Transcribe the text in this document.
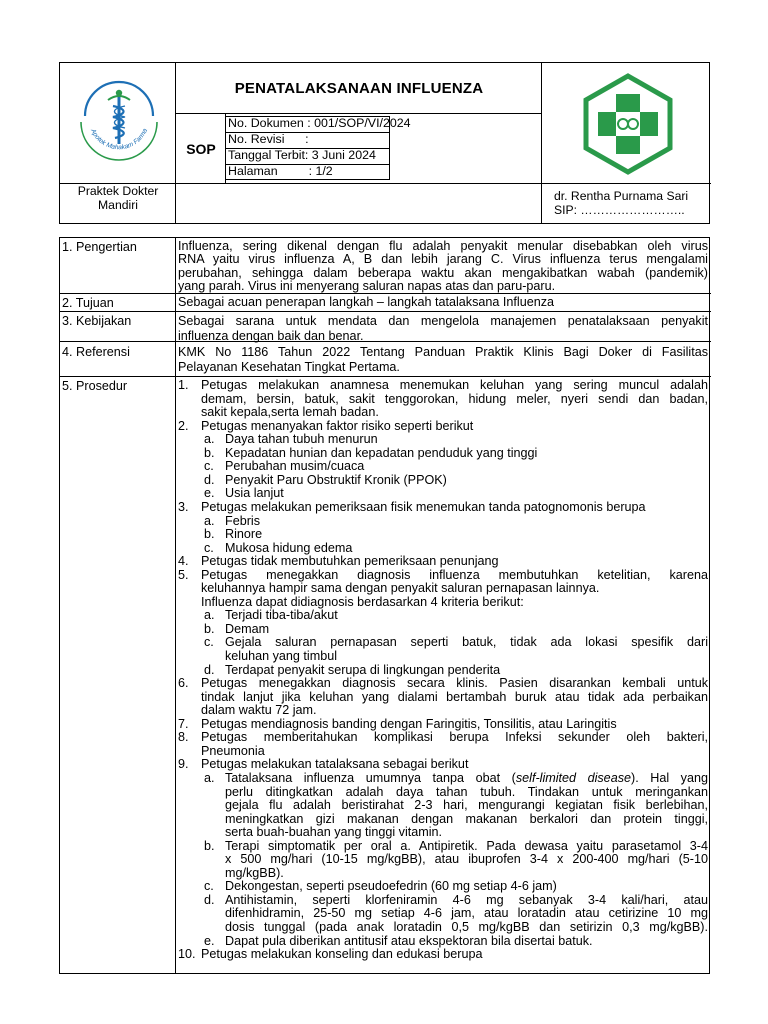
Apotek Mahakam Farma
PENATALAKSANAAN INFLUENZA
SOP
No. Dokumen : 001/SOP/VI/2024
No. Revisi      :
Tanggal Terbit: 3 Juni 2024
Halaman         : 1/2
Praktek Dokter
Mandiri
dr. Rentha Purnama Sari
SIP: ……………………..
1. Pengertian	Influenza, sering dikenal dengan flu adalah penyakit menular disebabkan oleh virus
RNA yaitu virus influenza A, B dan lebih jarang C. Virus influenza terus mengalami
perubahan, sehingga dalam beberapa waktu akan mengakibatkan wabah (pandemik)
yang parah. Virus ini menyerang saluran napas atas dan paru-paru.
2. Tujuan	Sebagai acuan penerapan langkah – langkah tatalaksana Influenza
3. Kebijakan	Sebagai sarana untuk mendata dan mengelola manajemen penatalaksaan penyakit
influenza dengan baik dan benar.
4. Referensi	KMK No 1186 Tahun 2022 Tentang Panduan Praktik Klinis Bagi Doker di Fasilitas
Pelayanan Kesehatan Tingkat Pertama.
5. Prosedur	1. Petugas melakukan anamnesa menemukan keluhan yang sering muncul adalah
demam, bersin, batuk, sakit tenggorokan, hidung meler, nyeri sendi dan badan,
sakit kepala,serta lemah badan.
2. Petugas menanyakan faktor risiko seperti berikut
a. Daya tahan tubuh menurun
b. Kepadatan hunian dan kepadatan penduduk yang tinggi
c. Perubahan musim/cuaca
d. Penyakit Paru Obstruktif Kronik (PPOK)
e. Usia lanjut
3. Petugas melakukan pemeriksaan fisik menemukan tanda patognomonis berupa
a. Febris
b. Rinore
c. Mukosa hidung edema
4. Petugas tidak membutuhkan pemeriksaan penunjang
5. Petugas menegakkan diagnosis influenza membutuhkan ketelitian, karena
keluhannya hampir sama dengan penyakit saluran pernapasan lainnya.
Influenza dapat didiagnosis berdasarkan 4 kriteria berikut:
a. Terjadi tiba-tiba/akut
b. Demam
c. Gejala saluran pernapasan seperti batuk, tidak ada lokasi spesifik dari
keluhan yang timbul
d. Terdapat penyakit serupa di lingkungan penderita
6. Petugas menegakkan diagnosis secara klinis. Pasien disarankan kembali untuk
tindak lanjut jika keluhan yang dialami bertambah buruk atau tidak ada perbaikan
dalam waktu 72 jam.
7. Petugas mendiagnosis banding dengan Faringitis, Tonsilitis, atau Laringitis
8. Petugas memberitahukan komplikasi berupa Infeksi sekunder oleh bakteri,
Pneumonia
9. Petugas melakukan tatalaksana sebagai berikut
a. Tatalaksana influenza umumnya tanpa obat (self-limited disease). Hal yang
perlu ditingkatkan adalah daya tahan tubuh. Tindakan untuk meringankan
gejala flu adalah beristirahat 2-3 hari, mengurangi kegiatan fisik berlebihan,
meningkatkan gizi makanan dengan makanan berkalori dan protein tinggi,
serta buah-buahan yang tinggi vitamin.
b. Terapi simptomatik per oral a. Antipiretik. Pada dewasa yaitu parasetamol 3-4
x 500 mg/hari (10-15 mg/kgBB), atau ibuprofen 3-4 x 200-400 mg/hari (5-10
mg/kgBB).
c. Dekongestan, seperti pseudoefedrin (60 mg setiap 4-6 jam)
d. Antihistamin, seperti klorfeniramin 4-6 mg sebanyak 3-4 kali/hari, atau
difenhidramin, 25-50 mg setiap 4-6 jam, atau loratadin atau cetirizine 10 mg
dosis tunggal (pada anak loratadin 0,5 mg/kgBB dan setirizin 0,3 mg/kgBB).
e. Dapat pula diberikan antitusif atau ekspektoran bila disertai batuk.
10. Petugas melakukan konseling dan edukasi berupa
